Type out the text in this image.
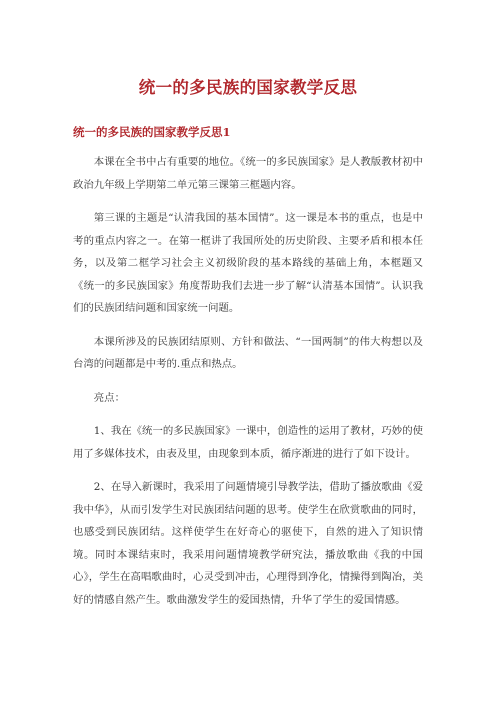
统一的多民族的国家教学反思
统一的多民族的国家教学反思1

本课在全书中占有重要的地位。《统一的多民族国家》是人教版教材初中政治九年级上学期第二单元第三课第三框题内容。

第三课的主题是“认清我国的基本国情”。这一课是本书的重点，也是中考的重点内容之一。在第一框讲了我国所处的历史阶段、主要矛盾和根本任务，以及第二框学习社会主义初级阶段的基本路线的基础上角，本框题又《统一的多民族国家》角度帮助我们去进一步了解“认清基本国情”。认识我们的民族团结问题和国家统一问题。

本课所涉及的民族团结原则、方针和做法、“一国两制”的伟大构想以及台湾的问题都是中考的.重点和热点。

亮点：

1、我在《统一的多民族国家》一课中，创造性的运用了教材，巧妙的使用了多媒体技术，由表及里，由现象到本质，循序渐进的进行了如下设计。

2、在导入新课时，我采用了问题情境引导教学法，借助了播放歌曲《爱我中华》，从而引发学生对民族团结问题的思考。使学生在欣赏歌曲的同时，也感受到民族团结。这样使学生在好奇心的驱使下，自然的进入了知识情境。同时本课结束时，我采用问题情境教学研究法，播放歌曲《我的中国心》，学生在高唱歌曲时，心灵受到冲击，心理得到净化，情操得到陶冶，美好的情感自然产生。歌曲激发学生的爱国热情，升华了学生的爱国情感。
